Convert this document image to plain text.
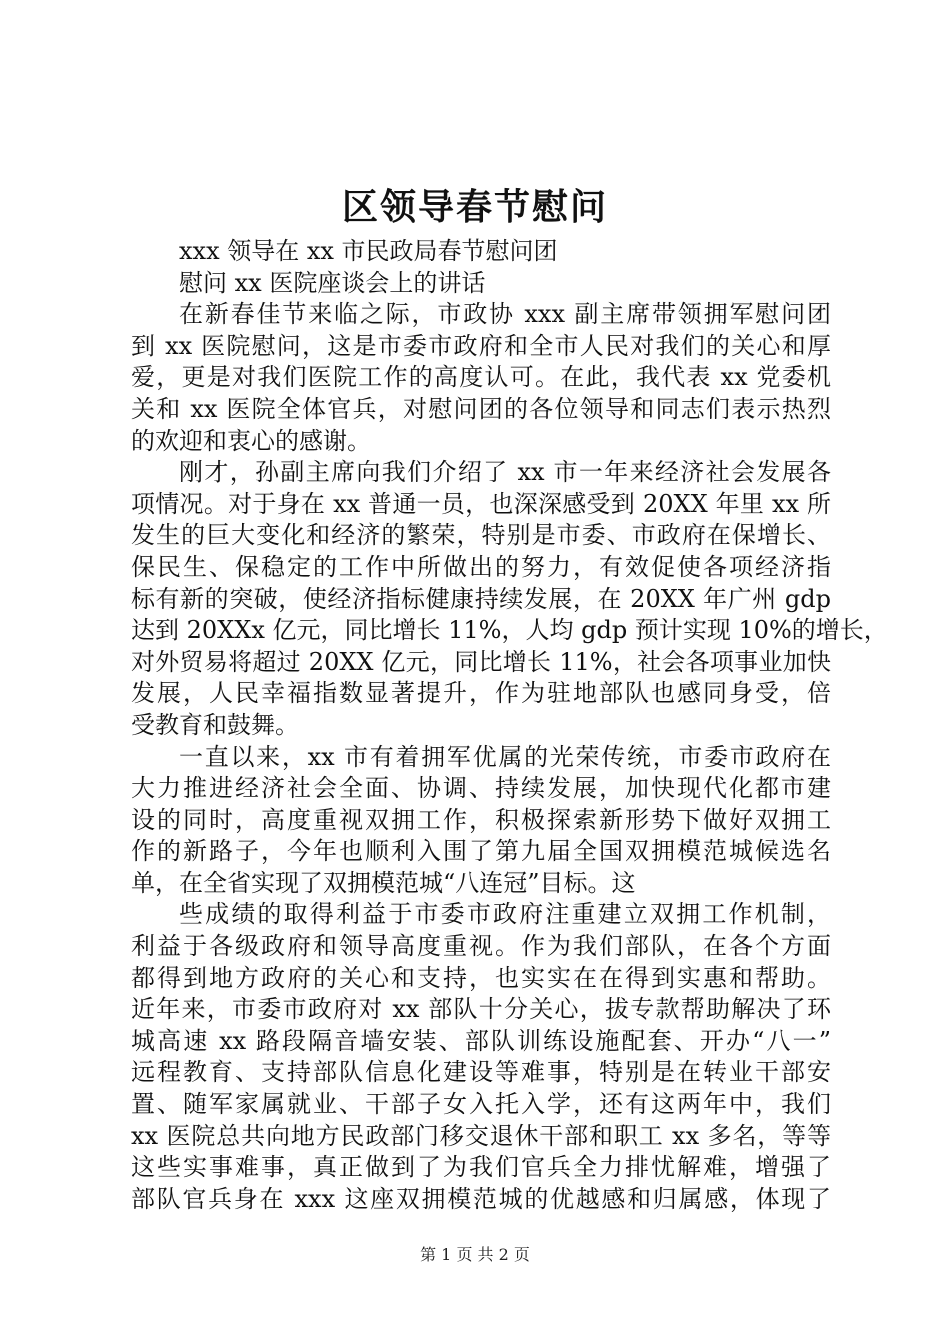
区领导春节慰问
xxx 领导在 xx 市民政局春节慰问团
慰问 xx 医院座谈会上的讲话
在新春佳节来临之际，市政协 xxx 副主席带领拥军慰问团
到 xx 医院慰问，这是市委市政府和全市人民对我们的关心和厚
爱，更是对我们医院工作的高度认可。在此，我代表 xx 党委机
关和 xx 医院全体官兵，对慰问团的各位领导和同志们表示热烈
的欢迎和衷心的感谢。
刚才，孙副主席向我们介绍了 xx 市一年来经济社会发展各
项情况。对于身在 xx 普通一员，也深深感受到 20XX 年里 xx 所
发生的巨大变化和经济的繁荣，特别是市委、市政府在保增长、
保民生、保稳定的工作中所做出的努力，有效促使各项经济指
标有新的突破，使经济指标健康持续发展，在 20XX 年广州 gdp
达到 20XXx 亿元，同比增长 11%，人均 gdp 预计实现 10%的增长，
对外贸易将超过 20XX 亿元，同比增长 11%，社会各项事业加快
发展，人民幸福指数显著提升，作为驻地部队也感同身受，倍
受教育和鼓舞。
一直以来，xx 市有着拥军优属的光荣传统，市委市政府在
大力推进经济社会全面、协调、持续发展，加快现代化都市建
设的同时，高度重视双拥工作，积极探索新形势下做好双拥工
作的新路子，今年也顺利入围了第九届全国双拥模范城候选名
单，在全省实现了双拥模范城“八连冠”目标。这
些成绩的取得利益于市委市政府注重建立双拥工作机制，
利益于各级政府和领导高度重视。作为我们部队，在各个方面
都得到地方政府的关心和支持，也实实在在得到实惠和帮助。
近年来，市委市政府对 xx 部队十分关心，拔专款帮助解决了环
城高速 xx 路段隔音墙安装、部队训练设施配套、开办“八一”
远程教育、支持部队信息化建设等难事，特别是在转业干部安
置、随军家属就业、干部子女入托入学，还有这两年中，我们
xx 医院总共向地方民政部门移交退休干部和职工 xx 多名，等等
这些实事难事，真正做到了为我们官兵全力排忧解难，增强了
部队官兵身在 xxx 这座双拥模范城的优越感和归属感，体现了
第 1 页 共 2 页
